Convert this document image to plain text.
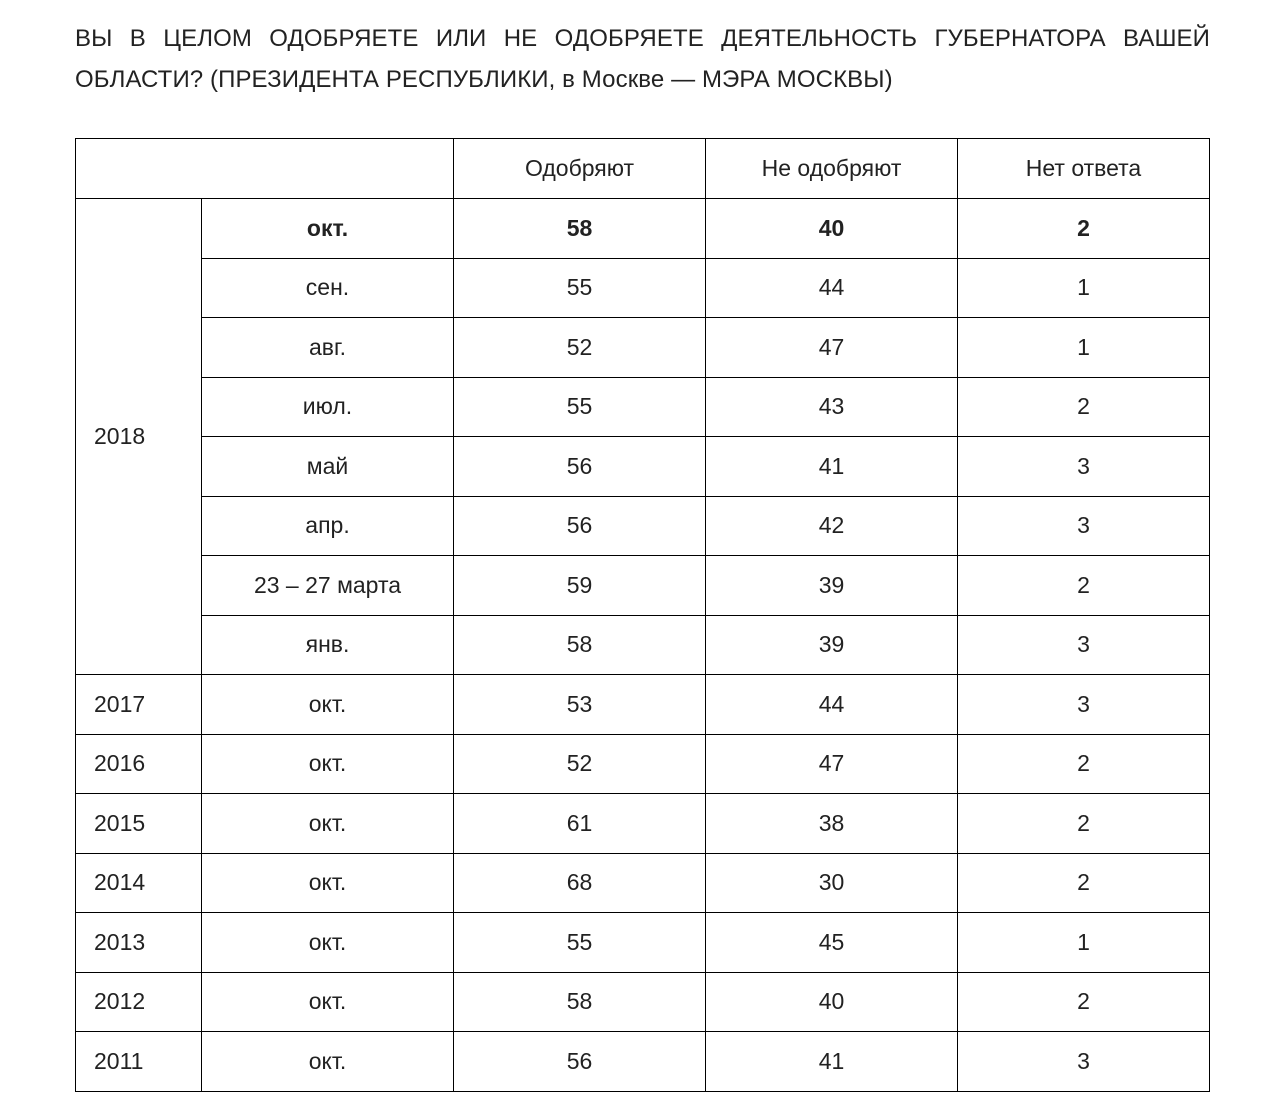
ВЫ В ЦЕЛОМ ОДОБРЯЕТЕ ИЛИ НЕ ОДОБРЯЕТЕ ДЕЯТЕЛЬНОСТЬ ГУБЕРНАТОРА ВАШЕЙ
ОБЛАСТИ? (ПРЕЗИДЕНТА РЕСПУБЛИКИ, в Москве — МЭРА МОСКВЫ)
		Одобряют	Не одобряют	Нет ответа
2018	окт.	58	40	2
	сен.	55	44	1
	авг.	52	47	1
	июл.	55	43	2
	май	56	41	3
	апр.	56	42	3
	23 – 27 марта	59	39	2
	янв.	58	39	3
2017	окт.	53	44	3
2016	окт.	52	47	2
2015	окт.	61	38	2
2014	окт.	68	30	2
2013	окт.	55	45	1
2012	окт.	58	40	2
2011	окт.	56	41	3
